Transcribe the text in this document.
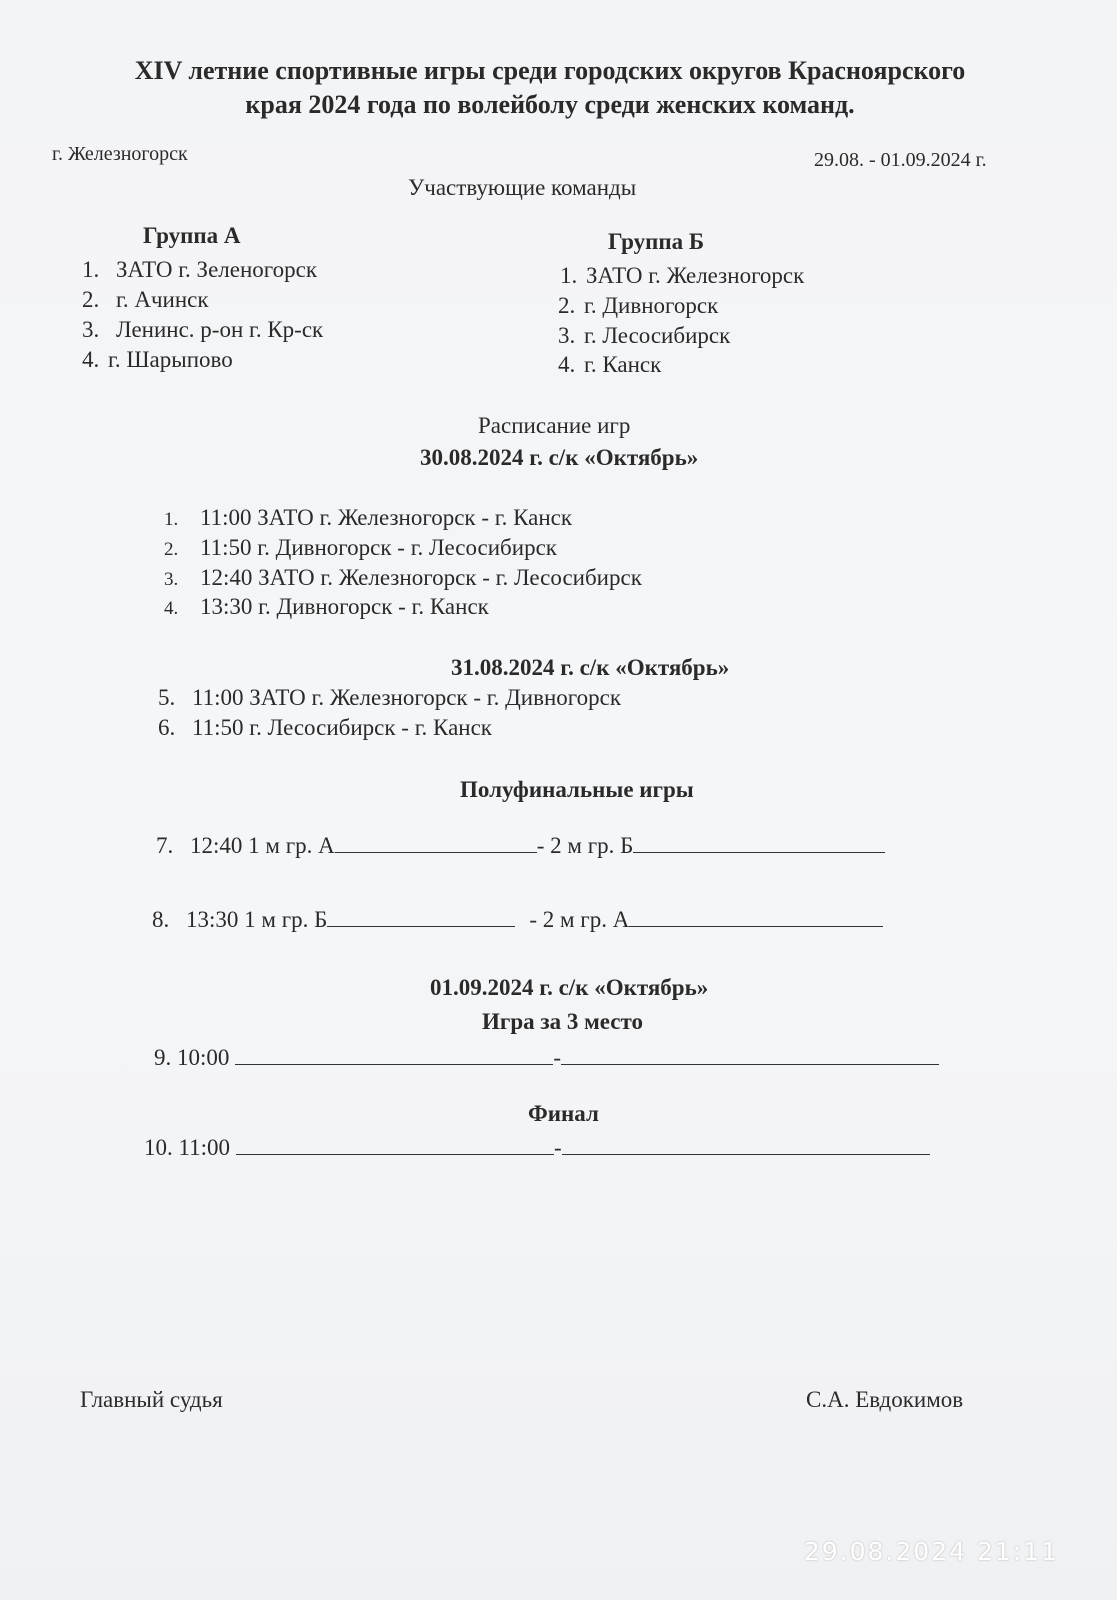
XIV летние спортивные игры среди городских округов Красноярского
края 2024 года по волейболу среди женских команд.
г. Железногорск	29.08. - 01.09.2024 г.
Участвующие команды
Группа А
1. ЗАТО г. Зеленогорск
2. г. Ачинск
3. Ленинс. р-он г. Кр-ск
4. г. Шарыпово
Группа Б
1. ЗАТО г. Железногорск
2. г. Дивногорск
3. г. Лесосибирск
4. г. Канск
Расписание игр
30.08.2024 г. с/к «Октябрь»
1. 11:00 ЗАТО г. Железногорск - г. Канск
2. 11:50 г. Дивногорск - г. Лесосибирск
3. 12:40 ЗАТО г. Железногорск - г. Лесосибирск
4. 13:30 г. Дивногорск - г. Канск
31.08.2024 г. с/к «Октябрь»
5. 11:00 ЗАТО г. Железногорск - г. Дивногорск
6. 11:50 г. Лесосибирск - г. Канск
Полуфинальные игры
7. 12:40 1 м гр. А	- 2 м гр. Б
8. 13:30 1 м гр. Б	- 2 м гр. А
01.09.2024 г. с/к «Октябрь»
Игра за 3 место
9. 10:00	-
Финал
10. 11:00	-
Главный судья	С.А. Евдокимов
29.08.2024 21:11
